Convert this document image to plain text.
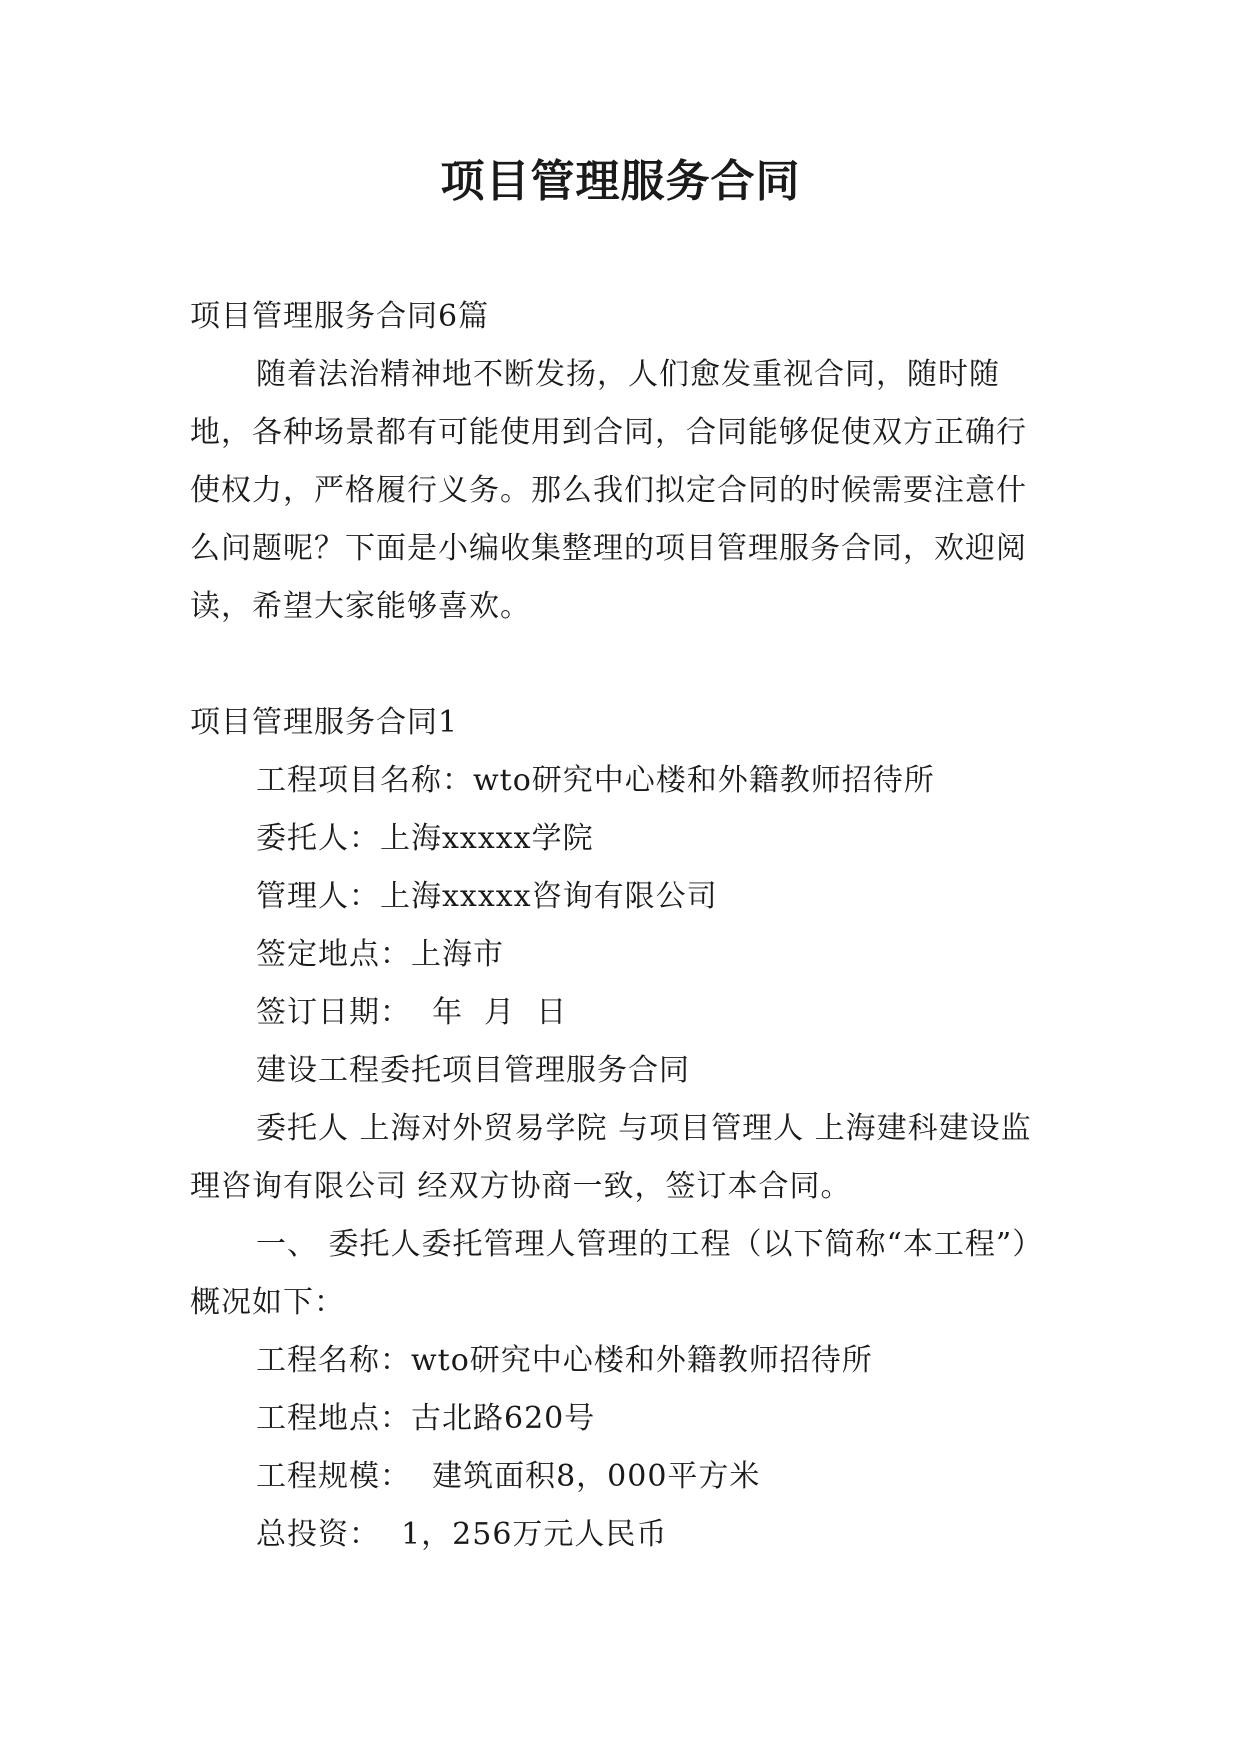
项目管理服务合同

项目管理服务合同6篇

随着法治精神地不断发扬，人们愈发重视合同，随时随地，各种场景都有可能使用到合同，合同能够促使双方正确行使权力，严格履行义务。那么我们拟定合同的时候需要注意什么问题呢？下面是小编收集整理的项目管理服务合同，欢迎阅读，希望大家能够喜欢。

项目管理服务合同1

工程项目名称：wto研究中心楼和外籍教师招待所

委托人：上海xxxxx学院

管理人：上海xxxxx咨询有限公司

签定地点：上海市

签订日期：  年  月  日

建设工程委托项目管理服务合同

委托人 上海对外贸易学院 与项目管理人 上海建科建设监理咨询有限公司 经双方协商一致，签订本合同。

一、 委托人委托管理人管理的工程（以下简称“本工程”）概况如下：

工程名称：wto研究中心楼和外籍教师招待所

工程地点：古北路620号

工程规模：  建筑面积8，000平方米

总投资：  1，256万元人民币
